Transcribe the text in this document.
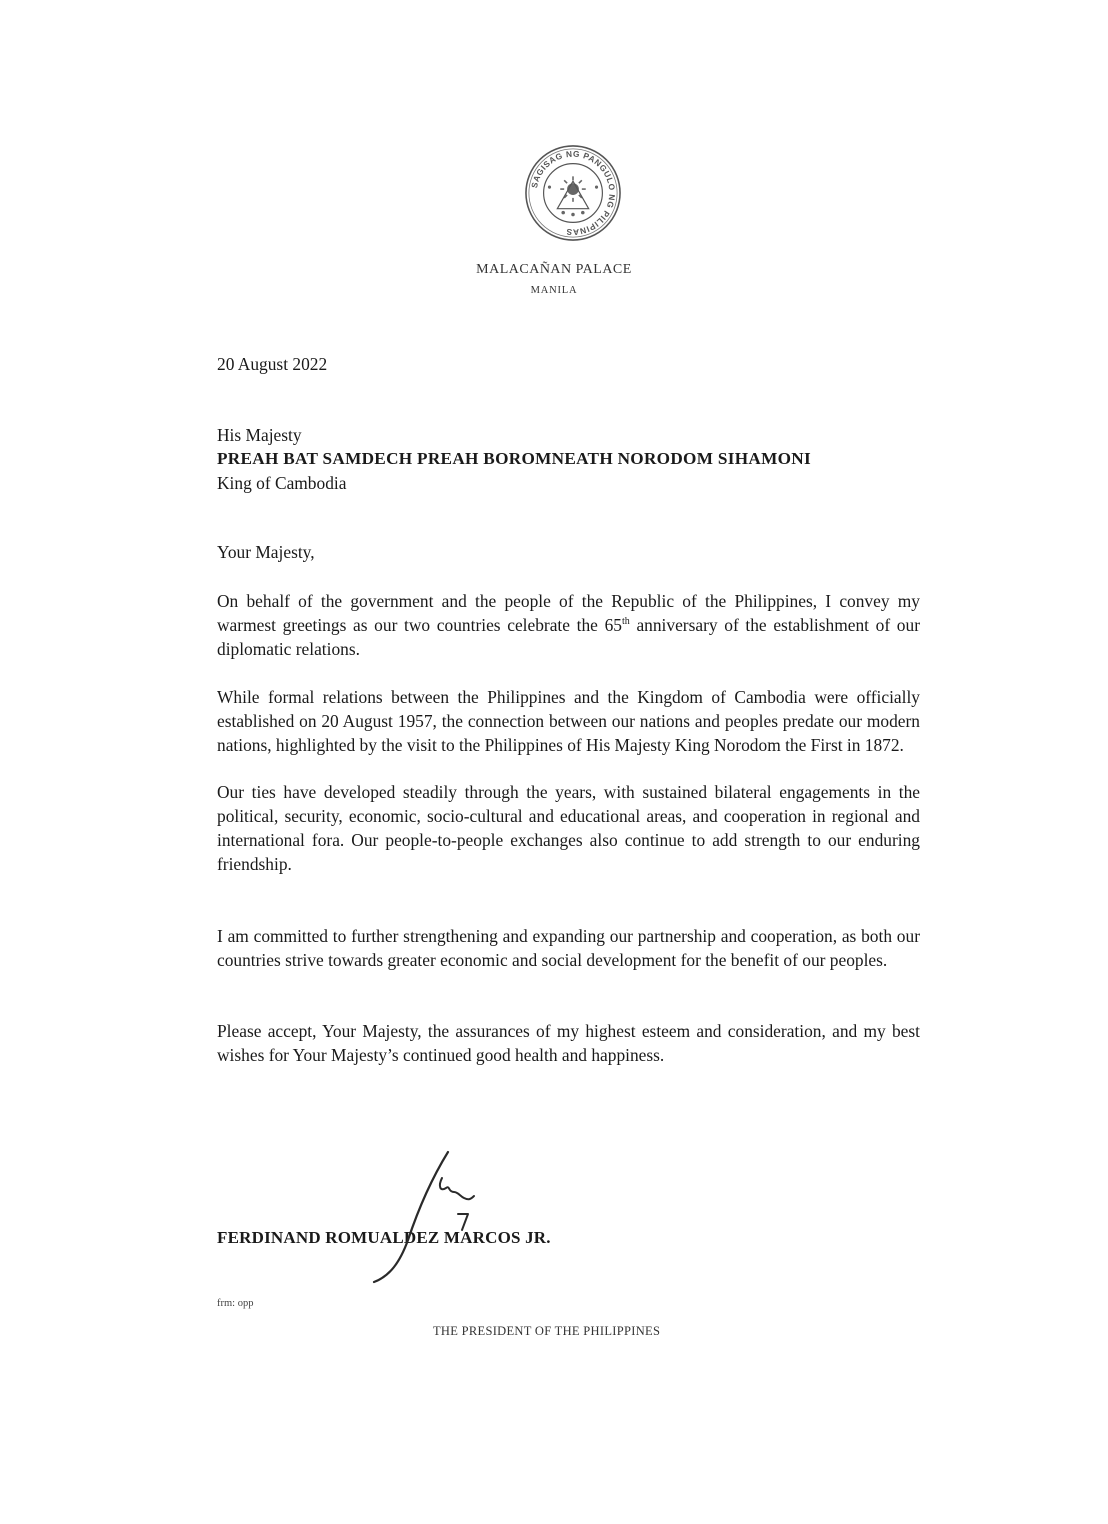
SAGISAG NG PANGULO NG PILIPINAS
MALACAÑAN PALACE
MANILA
20 August 2022
His Majesty
PREAH BAT SAMDECH PREAH BOROMNEATH NORODOM SIHAMONI
King of Cambodia
Your Majesty,
On behalf of the government and the people of the Republic of the Philippines, I convey my warmest greetings as our two countries celebrate the 65th anniversary of the establishment of our diplomatic relations.
While formal relations between the Philippines and the Kingdom of Cambodia were officially established on 20 August 1957, the connection between our nations and peoples predate our modern nations, highlighted by the visit to the Philippines of His Majesty King Norodom the First in 1872.
Our ties have developed steadily through the years, with sustained bilateral engagements in the political, security, economic, socio-cultural and educational areas, and cooperation in regional and international fora. Our people-to-people exchanges also continue to add strength to our enduring friendship.
I am committed to further strengthening and expanding our partnership and cooperation, as both our countries strive towards greater economic and social development for the benefit of our peoples.
Please accept, Your Majesty, the assurances of my highest esteem and consideration, and my best wishes for Your Majesty’s continued good health and happiness.
FERDINAND ROMUALDEZ MARCOS JR.
frm: opp
THE PRESIDENT OF THE PHILIPPINES
